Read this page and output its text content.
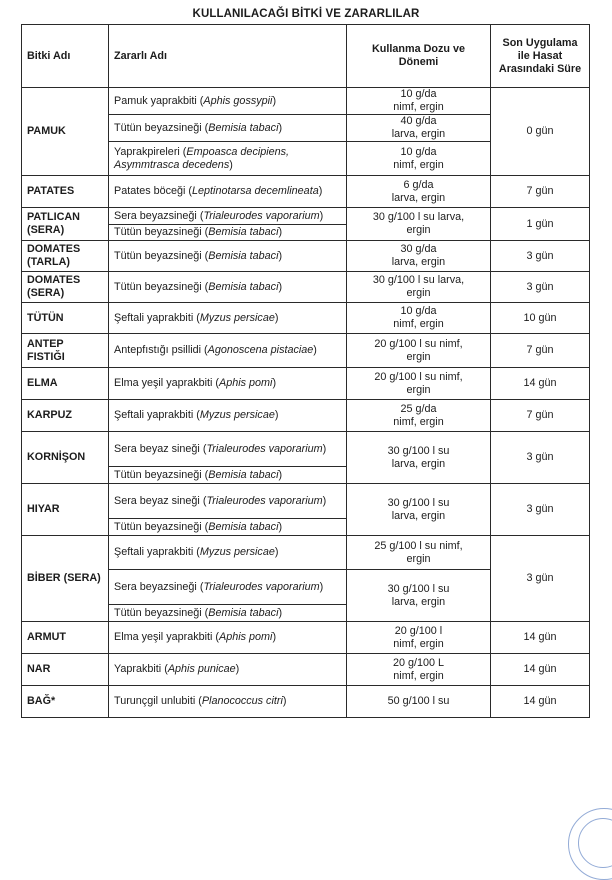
KULLANILACAĞI BİTKİ VE ZARARLILAR
Bitki Adı	Zararlı Adı	Kullanma Dozu ve Dönemi	Son Uygulama ile Hasat Arasındaki Süre
PAMUK	Pamuk yaprakbiti (Aphis gossypii)	10 g/da
nimf, ergin	0 gün
	Tütün beyazsineği (Bemisia tabaci)	40 g/da
larva, ergin	
	Yaprakpireleri (Empoasca decipiens, Asymmtrasca decedens)	10 g/da
nimf, ergin	
PATATES	Patates böceği (Leptinotarsa decemlineata)	6 g/da
larva, ergin	7 gün
PATLICAN (SERA)	Sera beyazsineği (Trialeurodes vaporarium)	30 g/100 l su larva,
ergin	1 gün
	Tütün beyazsineği (Bemisia tabaci)		
DOMATES (TARLA)	Tütün beyazsineği (Bemisia tabaci)	30 g/da
larva, ergin	3 gün
DOMATES (SERA)	Tütün beyazsineği (Bemisia tabaci)	30 g/100 l su larva,
ergin	3 gün
TÜTÜN	Şeftali yaprakbiti (Myzus persicae)	10 g/da
nimf, ergin	10 gün
ANTEP FISTIĞI	Antepfıstığı psillidi (Agonoscena pistaciae)	20 g/100 l su nimf,
ergin	7 gün
ELMA	Elma yeşil yaprakbiti (Aphis pomi)	20 g/100 l su nimf,
ergin	14 gün
KARPUZ	Şeftali yaprakbiti (Myzus persicae)	25 g/da
nimf, ergin	7 gün
KORNİŞON	Sera beyaz sineği (Trialeurodes vaporarium)	30 g/100 l su
larva, ergin	3 gün
	Tütün beyazsineği (Bemisia tabaci)		
HIYAR	Sera beyaz sineği (Trialeurodes vaporarium)	30 g/100 l su
larva, ergin	3 gün
	Tütün beyazsineği (Bemisia tabaci)		
BİBER (SERA)	Şeftali yaprakbiti (Myzus persicae)	25 g/100 l su nimf,
ergin	3 gün
	Sera beyazsineği (Trialeurodes vaporarium)	30 g/100 l su
larva, ergin	
	Tütün beyazsineği (Bemisia tabaci)		
ARMUT	Elma yeşil yaprakbiti (Aphis pomi)	20 g/100 l
nimf, ergin	14 gün
NAR	Yaprakbiti (Aphis punicae)	20 g/100 L
nimf, ergin	14 gün
BAĞ*	Turunçgil unlubiti (Planococcus citri)	50 g/100 l su	14 gün
